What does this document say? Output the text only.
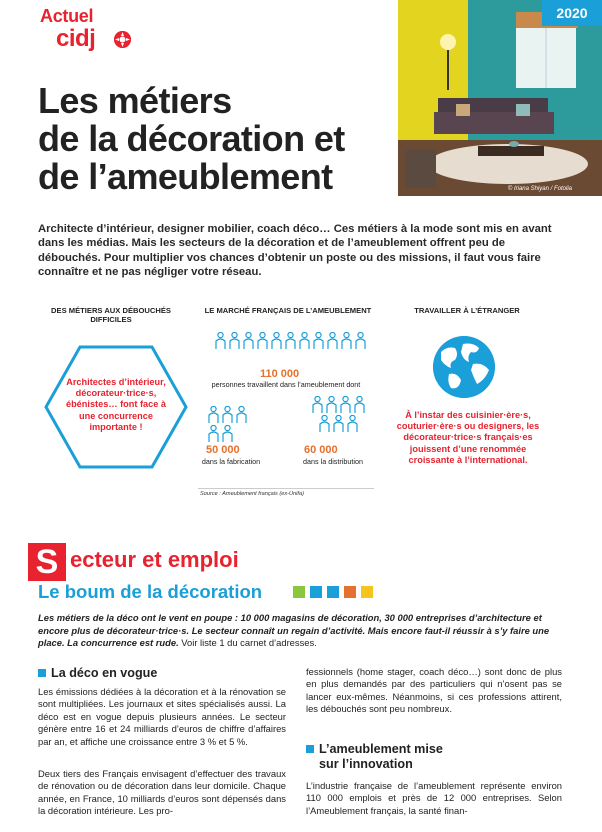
Actuel
cidj
© Iriana Shiyan / Fotolia
2020
Les métiers
de la décoration et
de l’ameublement

Architecte d’intérieur, designer mobilier, coach déco… Ces métiers à la mode sont mis en avant dans les médias. Mais les secteurs de la décoration et de l’ameublement offrent peu de débouchés. Pour multiplier vos chances d’obtenir un poste ou des missions, il faut vous faire connaître et ne pas négliger votre réseau.

DES MÉTIERS AUX DÉBOUCHÉS DIFFICILES
Architectes d’intérieur, décorateur·trice·s, ébénistes… font face à une concurrence importante !
LE MARCHÉ FRANÇAIS DE L’AMEUBLEMENT
110 000
personnes travaillent dans l’ameublement dont
50 000
dans la fabrication
60 000
dans la distribution
Source : Ameublement français (ex-Unifa)
TRAVAILLER À L’ÉTRANGER
À l’instar des cuisinier·ère·s, couturier·ère·s ou designers, les décorateur·trice·s français·es jouissent d’une renommée croissante à l’international.
S ecteur et emploi
Le boum de la décoration

Les métiers de la déco ont le vent en poupe : 10 000 magasins de décoration, 30 000 entreprises d’architecture et encore plus de décorateur·trice·s. Le secteur connaît un regain d’activité. Mais encore faut-il réussir à s’y faire une place. La concurrence est rude. Voir liste 1 du carnet d’adresses.

La déco en vogue

Les émissions dédiées à la décoration et à la rénovation se sont multipliées. Les journaux et sites spécialisés aussi. La déco est en vogue depuis plusieurs années. Le secteur génère entre 16 et 24 milliards d’euros de chiffre d’affaires par an, et affiche une croissance entre 3 % et 5 %.

Deux tiers des Français envisagent d’effectuer des travaux de rénovation ou de décoration dans leur domicile. Chaque année, en France, 10 milliards d’euros sont dépensés dans la décoration intérieure. Les pro-

fessionnels (home stager, coach déco…) sont donc de plus en plus demandés par des particuliers qui n’osent pas se lancer eux-mêmes. Néanmoins, si ces professions attirent, les débouchés sont peu nombreux.

L’ameublement mise
sur l’innovation

L’industrie française de l’ameublement représente environ 110 000 emplois et près de 12 000 entreprises. Selon l’Ameublement français, la santé finan-
